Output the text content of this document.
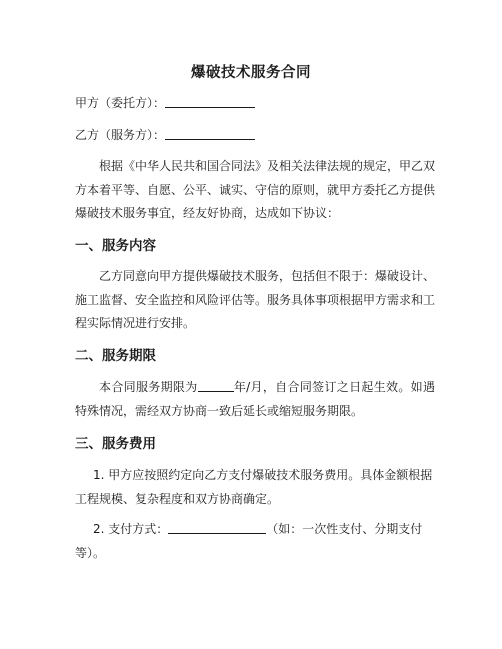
爆破技术服务合同
甲方（委托方）：
乙方（服务方）：

根据《中华人民共和国合同法》及相关法律法规的规定，甲乙双方本着平等、自愿、公平、诚实、守信的原则，就甲方委托乙方提供爆破技术服务事宜，经友好协商，达成如下协议：

一、服务内容

乙方同意向甲方提供爆破技术服务，包括但不限于：爆破设计、施工监督、安全监控和风险评估等。服务具体事项根据甲方需求和工程实际情况进行安排。

二、服务期限

本合同服务期限为	年/月，自合同签订之日起生效。如遇特殊情况，需经双方协商一致后延长或缩短服务期限。

三、服务费用

1. 甲方应按照约定向乙方支付爆破技术服务费用。具体金额根据工程规模、复杂程度和双方协商确定。

2. 支付方式：	（如：一次性支付、分期支付等）。
